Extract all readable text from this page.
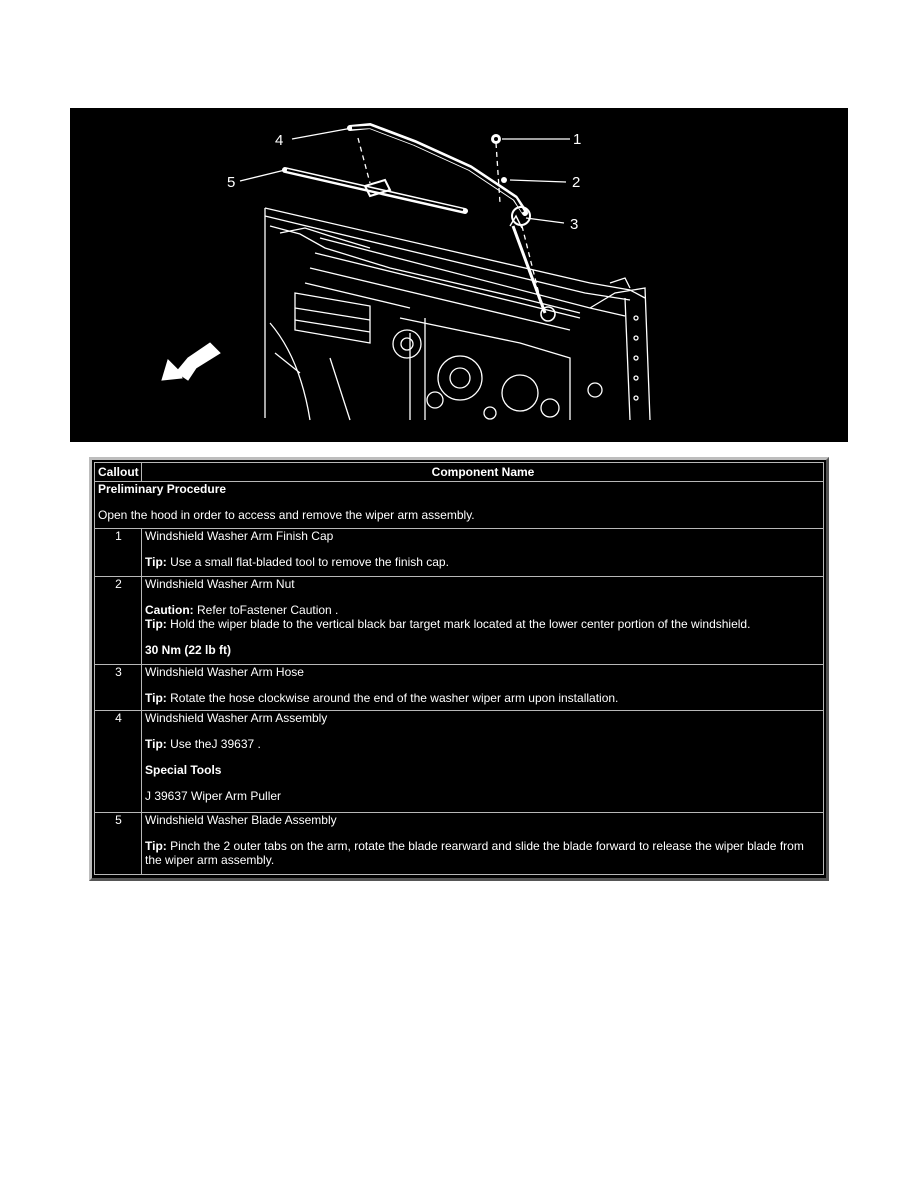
1
2
3
4
5
Callout	Component Name

Preliminary Procedure
Open the hood in order to access and remove the wiper arm assembly.	

1	Windshield Washer Arm Finish Cap
Tip: Use a small flat-bladed tool to remove the finish cap.

2	Windshield Washer Arm Nut
Caution: Refer toFastener Caution .
Tip: Hold the wiper blade to the vertical black bar target mark located at the lower center portion of the windshield.
30 Nm (22 lb ft)

3	Windshield Washer Arm Hose
Tip: Rotate the hose clockwise around the end of the washer wiper arm upon installation.

4	Windshield Washer Arm Assembly
Tip: Use theJ 39637 .
Special Tools
J 39637 Wiper Arm Puller

5	Windshield Washer Blade Assembly
Tip: Pinch the 2 outer tabs on the arm, rotate the blade rearward and slide the blade forward to release the wiper blade from the wiper arm assembly.
